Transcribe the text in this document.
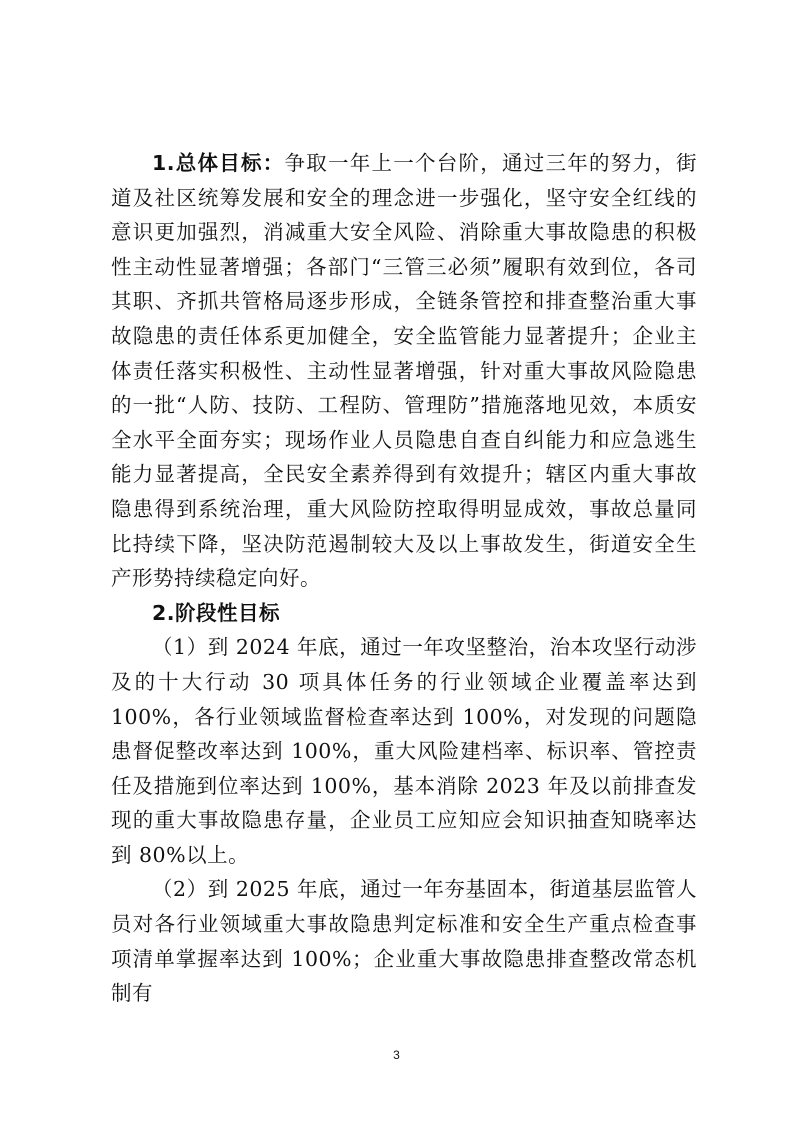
1.总体目标：争取一年上一个台阶，通过三年的努力，街道及社区统筹发展和安全的理念进一步强化，坚守安全红线的意识更加强烈，消减重大安全风险、消除重大事故隐患的积极性主动性显著增强；各部门“三管三必须”履职有效到位，各司其职、齐抓共管格局逐步形成，全链条管控和排查整治重大事故隐患的责任体系更加健全，安全监管能力显著提升；企业主体责任落实积极性、主动性显著增强，针对重大事故风险隐患的一批“人防、技防、工程防、管理防”措施落地见效，本质安全水平全面夯实；现场作业人员隐患自查自纠能力和应急逃生能力显著提高，全民安全素养得到有效提升；辖区内重大事故隐患得到系统治理，重大风险防控取得明显成效，事故总量同比持续下降，坚决防范遏制较大及以上事故发生，街道安全生产形势持续稳定向好。

2.阶段性目标

（1）到 2024 年底，通过一年攻坚整治，治本攻坚行动涉及的十大行动 30 项具体任务的行业领域企业覆盖率达到 100%，各行业领域监督检查率达到 100%，对发现的问题隐患督促整改率达到 100%，重大风险建档率、标识率、管控责任及措施到位率达到 100%，基本消除 2023 年及以前排查发现的重大事故隐患存量，企业员工应知应会知识抽查知晓率达到 80%以上。

（2）到 2025 年底，通过一年夯基固本，街道基层监管人员对各行业领域重大事故隐患判定标准和安全生产重点检查事项清单掌握率达到 100%；企业重大事故隐患排查整改常态机制有

3
